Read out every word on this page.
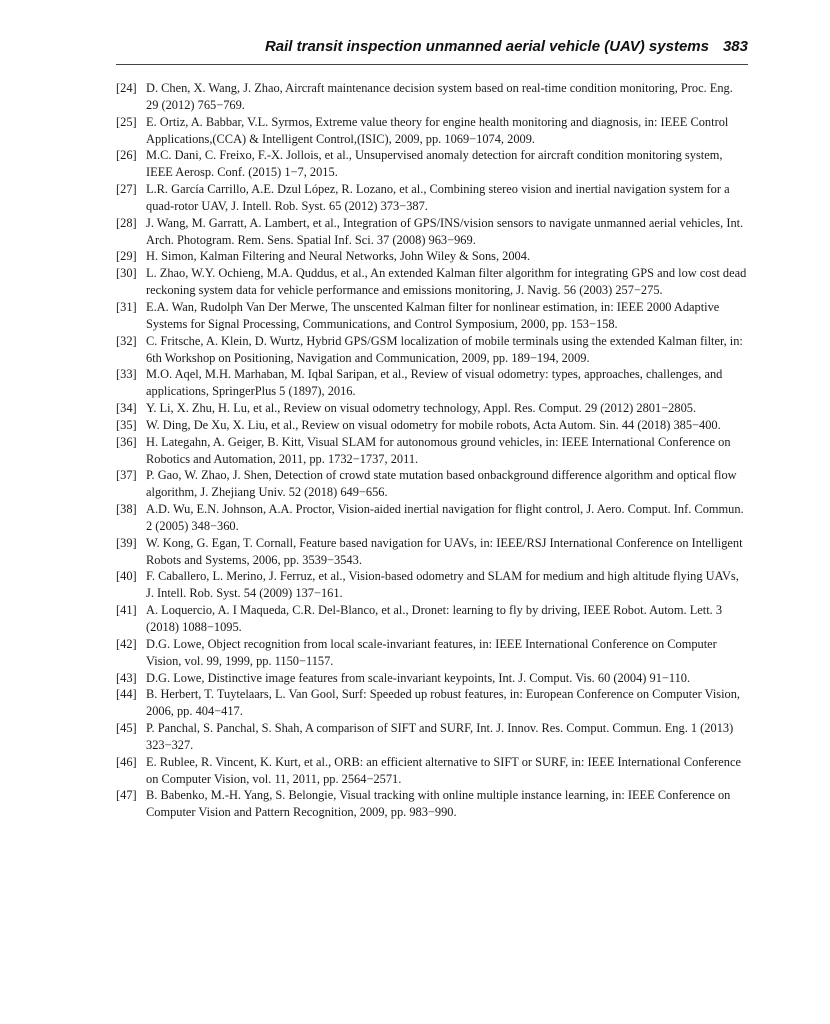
Rail transit inspection unmanned aerial vehicle (UAV) systems 383
[24] D. Chen, X. Wang, J. Zhao, Aircraft maintenance decision system based on real-time condition monitoring, Proc. Eng. 29 (2012) 765−769.
[25] E. Ortiz, A. Babbar, V.L. Syrmos, Extreme value theory for engine health monitoring and diagnosis, in: IEEE Control Applications,(CCA) & Intelligent Control,(ISIC), 2009, pp. 1069−1074, 2009.
[26] M.C. Dani, C. Freixo, F.-X. Jollois, et al., Unsupervised anomaly detection for aircraft condition monitoring system, IEEE Aerosp. Conf. (2015) 1−7, 2015.
[27] L.R. García Carrillo, A.E. Dzul López, R. Lozano, et al., Combining stereo vision and inertial navigation system for a quad-rotor UAV, J. Intell. Rob. Syst. 65 (2012) 373−387.
[28] J. Wang, M. Garratt, A. Lambert, et al., Integration of GPS/INS/vision sensors to navigate unmanned aerial vehicles, Int. Arch. Photogram. Rem. Sens. Spatial Inf. Sci. 37 (2008) 963−969.
[29] H. Simon, Kalman Filtering and Neural Networks, John Wiley & Sons, 2004.
[30] L. Zhao, W.Y. Ochieng, M.A. Quddus, et al., An extended Kalman filter algorithm for integrating GPS and low cost dead reckoning system data for vehicle performance and emissions monitoring, J. Navig. 56 (2003) 257−275.
[31] E.A. Wan, Rudolph Van Der Merwe, The unscented Kalman filter for nonlinear estimation, in: IEEE 2000 Adaptive Systems for Signal Processing, Communications, and Control Symposium, 2000, pp. 153−158.
[32] C. Fritsche, A. Klein, D. Wurtz, Hybrid GPS/GSM localization of mobile terminals using the extended Kalman filter, in: 6th Workshop on Positioning, Navigation and Communication, 2009, pp. 189−194, 2009.
[33] M.O. Aqel, M.H. Marhaban, M. Iqbal Saripan, et al., Review of visual odometry: types, approaches, challenges, and applications, SpringerPlus 5 (1897), 2016.
[34] Y. Li, X. Zhu, H. Lu, et al., Review on visual odometry technology, Appl. Res. Comput. 29 (2012) 2801−2805.
[35] W. Ding, De Xu, X. Liu, et al., Review on visual odometry for mobile robots, Acta Autom. Sin. 44 (2018) 385−400.
[36] H. Lategahn, A. Geiger, B. Kitt, Visual SLAM for autonomous ground vehicles, in: IEEE International Conference on Robotics and Automation, 2011, pp. 1732−1737, 2011.
[37] P. Gao, W. Zhao, J. Shen, Detection of crowd state mutation based onbackground difference algorithm and optical flow algorithm, J. Zhejiang Univ. 52 (2018) 649−656.
[38] A.D. Wu, E.N. Johnson, A.A. Proctor, Vision-aided inertial navigation for flight control, J. Aero. Comput. Inf. Commun. 2 (2005) 348−360.
[39] W. Kong, G. Egan, T. Cornall, Feature based navigation for UAVs, in: IEEE/RSJ International Conference on Intelligent Robots and Systems, 2006, pp. 3539−3543.
[40] F. Caballero, L. Merino, J. Ferruz, et al., Vision-based odometry and SLAM for medium and high altitude flying UAVs, J. Intell. Rob. Syst. 54 (2009) 137−161.
[41] A. Loquercio, A. I Maqueda, C.R. Del-Blanco, et al., Dronet: learning to fly by driving, IEEE Robot. Autom. Lett. 3 (2018) 1088−1095.
[42] D.G. Lowe, Object recognition from local scale-invariant features, in: IEEE International Conference on Computer Vision, vol. 99, 1999, pp. 1150−1157.
[43] D.G. Lowe, Distinctive image features from scale-invariant keypoints, Int. J. Comput. Vis. 60 (2004) 91−110.
[44] B. Herbert, T. Tuytelaars, L. Van Gool, Surf: Speeded up robust features, in: European Conference on Computer Vision, 2006, pp. 404−417.
[45] P. Panchal, S. Panchal, S. Shah, A comparison of SIFT and SURF, Int. J. Innov. Res. Comput. Commun. Eng. 1 (2013) 323−327.
[46] E. Rublee, R. Vincent, K. Kurt, et al., ORB: an efficient alternative to SIFT or SURF, in: IEEE International Conference on Computer Vision, vol. 11, 2011, pp. 2564−2571.
[47] B. Babenko, M.-H. Yang, S. Belongie, Visual tracking with online multiple instance learning, in: IEEE Conference on Computer Vision and Pattern Recognition, 2009, pp. 983−990.
